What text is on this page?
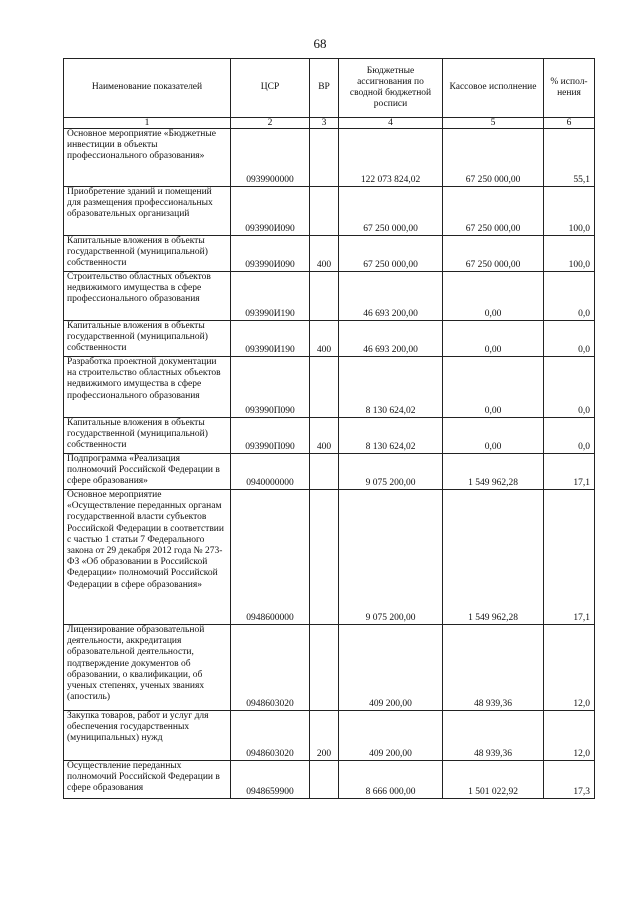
68
Наименование показателей	ЦСР	ВР	Бюджетные ассигнования по сводной бюджетной росписи	Кассовое исполнение	% испол-нения
1	2	3	4	5	6
Основное мероприятие «Бюджетные инвестиции в объекты профессионального образования»	0939900000		122 073 824,02	67 250 000,00	55,1
Приобретение зданий и помещений для размещения профессиональных образовательных организаций	093990И090		67 250 000,00	67 250 000,00	100,0
Капитальные вложения в объекты государственной (муниципальной) собственности	093990И090	400	67 250 000,00	67 250 000,00	100,0
Строительство областных объектов недвижимого имущества в сфере профессионального образования	093990И190		46 693 200,00	0,00	0,0
Капитальные вложения в объекты государственной (муниципальной) собственности	093990И190	400	46 693 200,00	0,00	0,0
Разработка проектной документации на строительство областных объектов недвижимого имущества в сфере профессионального образования	093990П090		8 130 624,02	0,00	0,0
Капитальные вложения в объекты государственной (муниципальной) собственности	093990П090	400	8 130 624,02	0,00	0,0
Подпрограмма «Реализация полномочий Российской Федерации в сфере образования»	0940000000		9 075 200,00	1 549 962,28	17,1
Основное мероприятие «Осуществление переданных органам государственной власти субъектов Российской Федерации в соответствии с частью 1 статьи 7 Федерального закона от 29 декабря 2012 года № 273-ФЗ «Об образовании в Российской Федерации» полномочий Российской Федерации в сфере образования»	0948600000		9 075 200,00	1 549 962,28	17,1
Лицензирование образовательной деятельности, аккредитация образовательной деятельности, подтверждение документов об образовании, о квалификации, об ученых степенях, ученых званиях (апостиль)	0948603020		409 200,00	48 939,36	12,0
Закупка товаров, работ и услуг для обеспечения государственных (муниципальных) нужд	0948603020	200	409 200,00	48 939,36	12,0
Осуществление переданных полномочий Российской Федерации в сфере образования	0948659900		8 666 000,00	1 501 022,92	17,3
